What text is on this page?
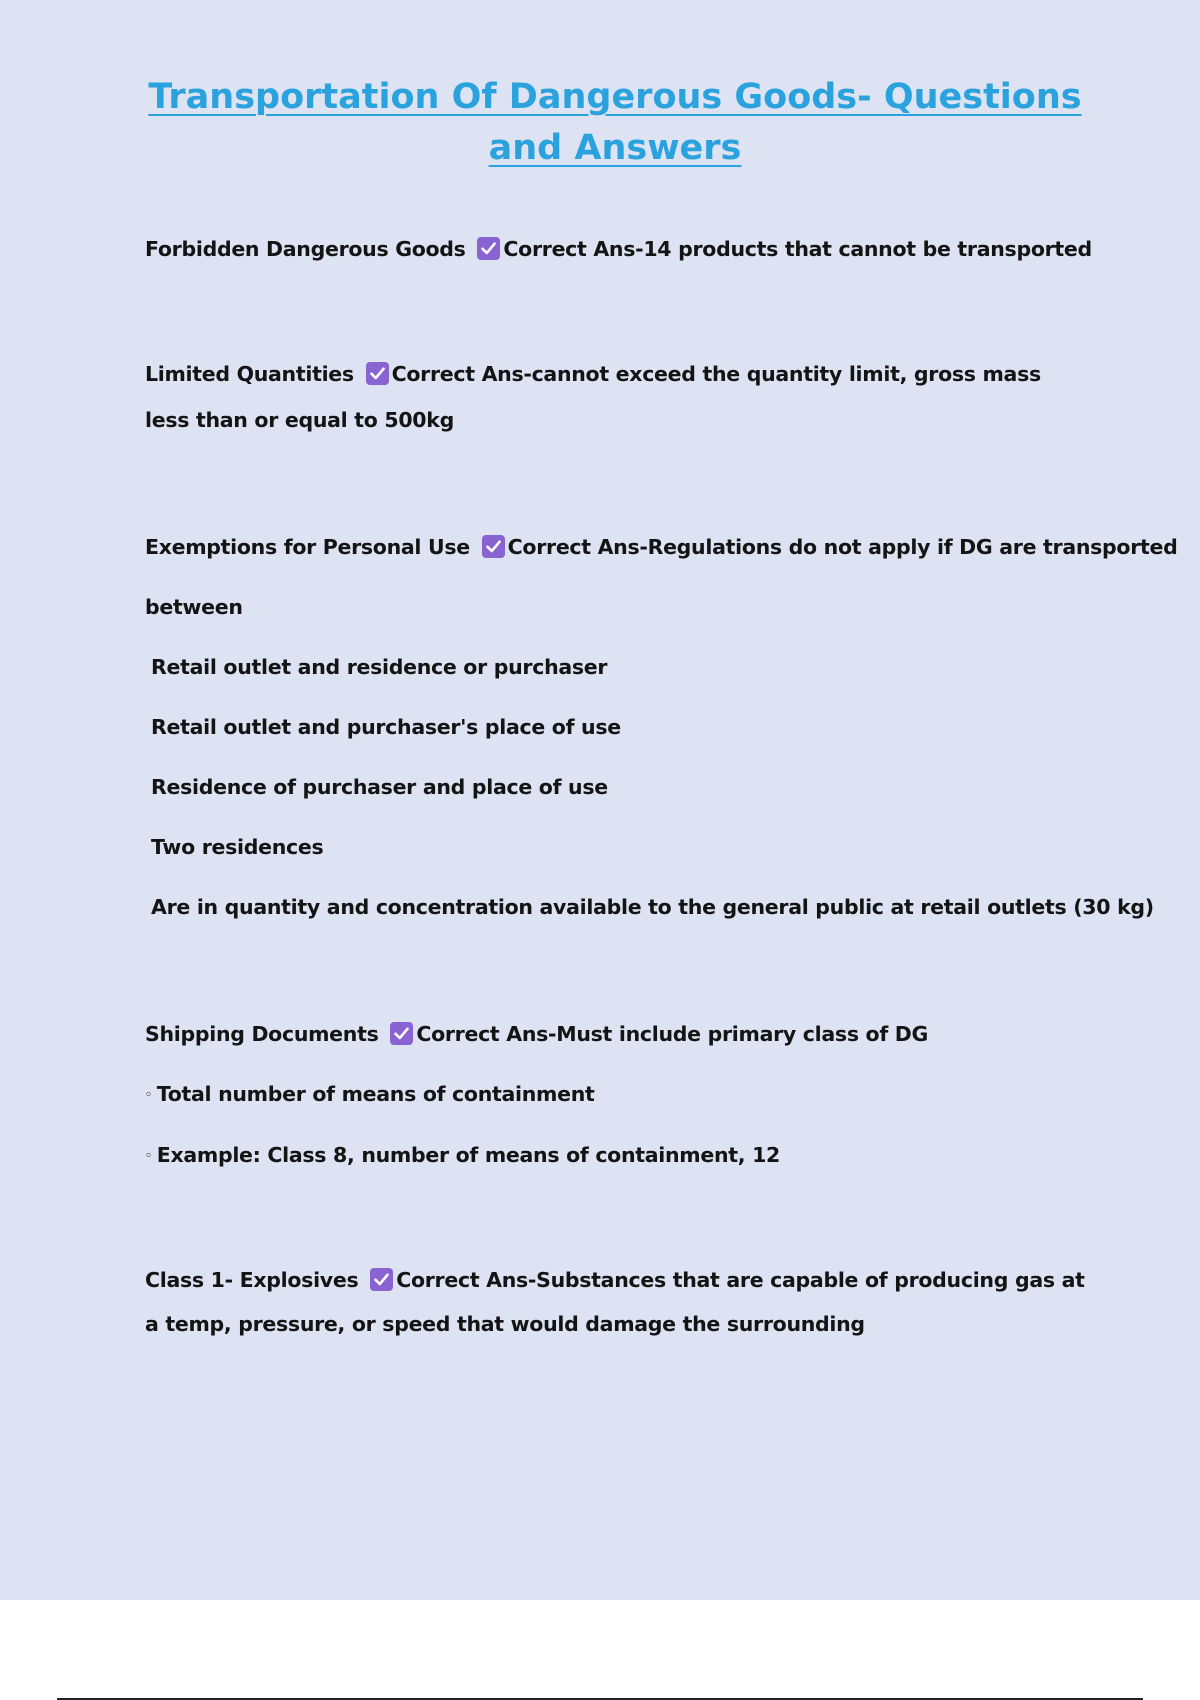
Transportation Of Dangerous Goods- Questions and Answers

Forbidden Dangerous Goods Correct Ans-14 products that cannot be transported

Limited Quantities Correct Ans-cannot exceed the quantity limit, gross mass less than or equal to 500kg

Exemptions for Personal Use Correct Ans-Regulations do not apply if DG are transported

between

Retail outlet and residence or purchaser

Retail outlet and purchaser's place of use

Residence of purchaser and place of use

Two residences

Are in quantity and concentration available to the general public at retail outlets (30 kg)

Shipping Documents Correct Ans-Must include primary class of DG

◦ Total number of means of containment

◦ Example: Class 8, number of means of containment, 12

Class 1- Explosives Correct Ans-Substances that are capable of producing gas at a temp, pressure, or speed that would damage the surrounding
